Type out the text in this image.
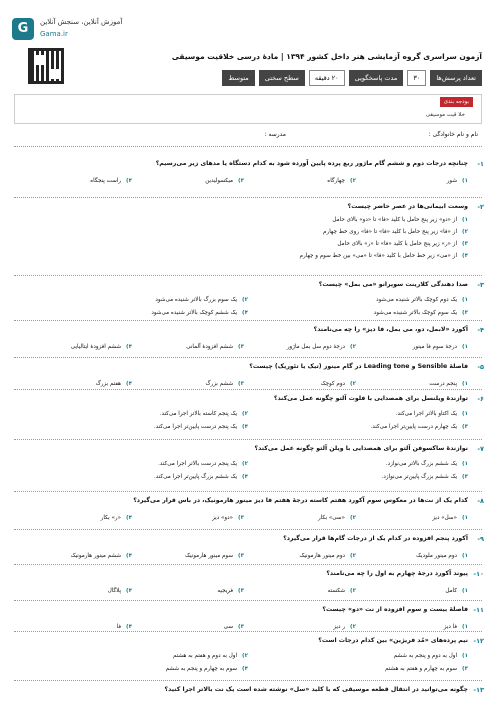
G	آموزش آنلاین، سنجش آنلاین
Gama.ir
آزمون سراسری گروه آزمایشی هنر داخل کشور ۱۳۹۴ | مادهٔ درسی خلاقیت موسیقی
تعداد پرسش‌ها
۳۰
مدت پاسخگویی
۲۰ دقیقه
سطح سختی
متوسط
بودجه بندی
خلا قیت موسیقی
نام و نام خانوادگی :
مدرسه :
۱-
چنانچه درجات دوم و ششم گام ماژور ربع پرده پایین آورده شود به کدام دستگاه یا مدهای زیر می‌رسیم؟
۱)شور
۲)چهارگاه
۳)میکسولیدین
۴)راست پنجگاه
۲-
وسعت ابیمانی‌ها در عصر حاضر چیست؟
۱)از «دو» زیر پنج حامل با کلید «فا» تا «دو» بالای حامل
۲)از «فا» زیر پنج حامل با کلید «فا» تا «فا» روی خط چهارم
۳)از «ر» زیر پنج حامل با کلید «فا» تا «ر» بالای حامل
۴)از «می» زیر خط حامل با کلید «فا» تا «می» بین خط سوم و چهارم
۳-
صدا دهندگی کلارینت سوپرانو «می بمل» چیست؟
۱)یک دوم کوچک بالاتر شنیده می‌شود
۲)یک سوم بزرگ بالاتر شنیده می‌شود
۳)یک سوم کوچک بالاتر شنیده می‌شود
۴)یک ششم کوچک بالاتر شنیده می‌شود
۴-
آکورد «لابمل، دو، می بمل، فا دیز» را چه می‌نامند؟
۱)درجهٔ سوم فا مینور
۲)درجهٔ دوم سل بمل ماژور
۳)ششم افزودهٔ آلمانی
۴)ششم افزودهٔ ایتالیایی
۵-
فاصلهٔ Sensible و Leading tone در گام مینور (تیک یا تئوریک) چیست؟
۱)پنجم درست
۲)دوم کوچک
۳)ششم بزرگ
۴)هفتم بزرگ
۶-
توازندهٔ ویلنسل برای همصدایی با فلوت آلتو چگونه عمل می‌کند؟
۱)یک اکتاو بالاتر اجرا می‌کند.
۲)یک پنجم کاسته بالاتر اجرا می‌کند.
۳)یک چهارم درست پایین‌تر اجرا می‌کند.
۴)یک پنجم درست پایین‌تر اجرا می‌کند.
۷-
نوازندهٔ ساکسوفن آلتو برای همصدایی با ویلن آلتو چگونه عمل می‌کند؟
۱)یک ششم بزرگ بالاتر می‌نوازد.
۲)یک پنجم درست بالاتر اجرا می‌کند.
۳)یک ششم بزرگ پایین‌تر می‌نوازد.
۴)یک ششم بزرگ پایین‌تر اجرا می‌کند.
۸-
کدام یک از نت‌ها در معکوس سوم آکورد هفتم کاسته درجهٔ هفتم فا دیز مینور هارمونیک، در باس قرار می‌گیرد؟
۱)«سل» دیز
۲)«سی» بکار
۳)«دو» دیز
۴)«ر» بکار
۹-
آکورد پنجم افزوده در کدام یک از درجات گام‌ها قرار می‌گیرد؟
۱)دوم مینور ملودیک
۲)دوم مینور هارمونیک
۳)سوم مینور هارمونیک
۴)ششم مینور هارمونیک
۱۰-
پیوند آکورد درجهٔ چهارم به اول را چه می‌نامند؟
۱)کامل
۲)شکسته
۳)فریجیه
۴)پلاگال
۱۱-
فاصلهٔ بیست و سوم افزوده از نت «دو» چیست؟
۱)فا دیز
۲)ر دیز
۳)سی
۴)فا
۱۲-
نیم پرده‌های «مُد فریژین» بین کدام درجات است؟
۱)اول به دوم و پنجم به ششم
۲)اول به دوم و هفتم به هشتم
۳)سوم به چهارم و هفتم به هشتم
۴)سوم به چهارم و پنجم به ششم
۱۳-
چگونه می‌توانید در انتقال قطعه موسیقی که با کلید «سل» نوشته شده است یک نت بالاتر اجرا کنید؟
